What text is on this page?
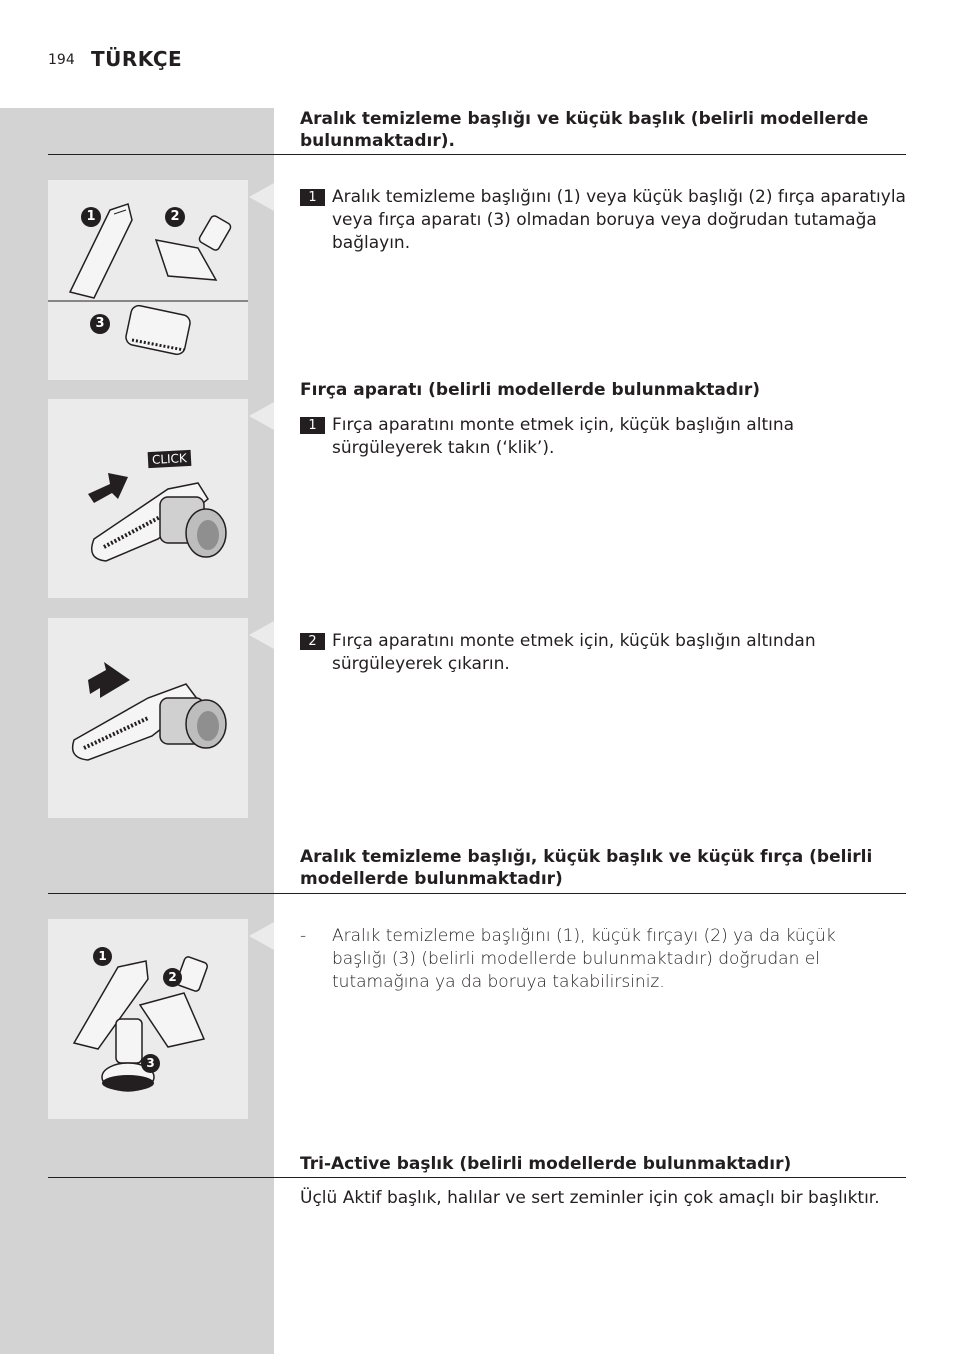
194 TÜRKÇE
Aralık temizleme başlığı ve küçük başlık (belirli modellerde bulunmaktadır).
1	2
3
1 Aralık temizleme başlığını (1) veya küçük başlığı (2) fırça aparatıyla veya fırça aparatı (3) olmadan boruya veya doğrudan tutamağa bağlayın.
Fırça aparatı (belirli modellerde bulunmaktadır)
CLICK
1 Fırça aparatını monte etmek için, küçük başlığın altına sürgüleyerek takın (‘klik’).
2 Fırça aparatını monte etmek için, küçük başlığın altından sürgüleyerek çıkarın.
Aralık temizleme başlığı, küçük başlık ve küçük fırça (belirli modellerde bulunmaktadır)
1
2
3
-	Aralık temizleme başlığını (1), küçük fırçayı (2) ya da küçük başlığı (3) (belirli modellerde bulunmaktadır) doğrudan el tutamağına ya da boruya takabilirsiniz.
Tri-Active başlık (belirli modellerde bulunmaktadır)
Üçlü Aktif başlık, halılar ve sert zeminler için çok amaçlı bir başlıktır.
